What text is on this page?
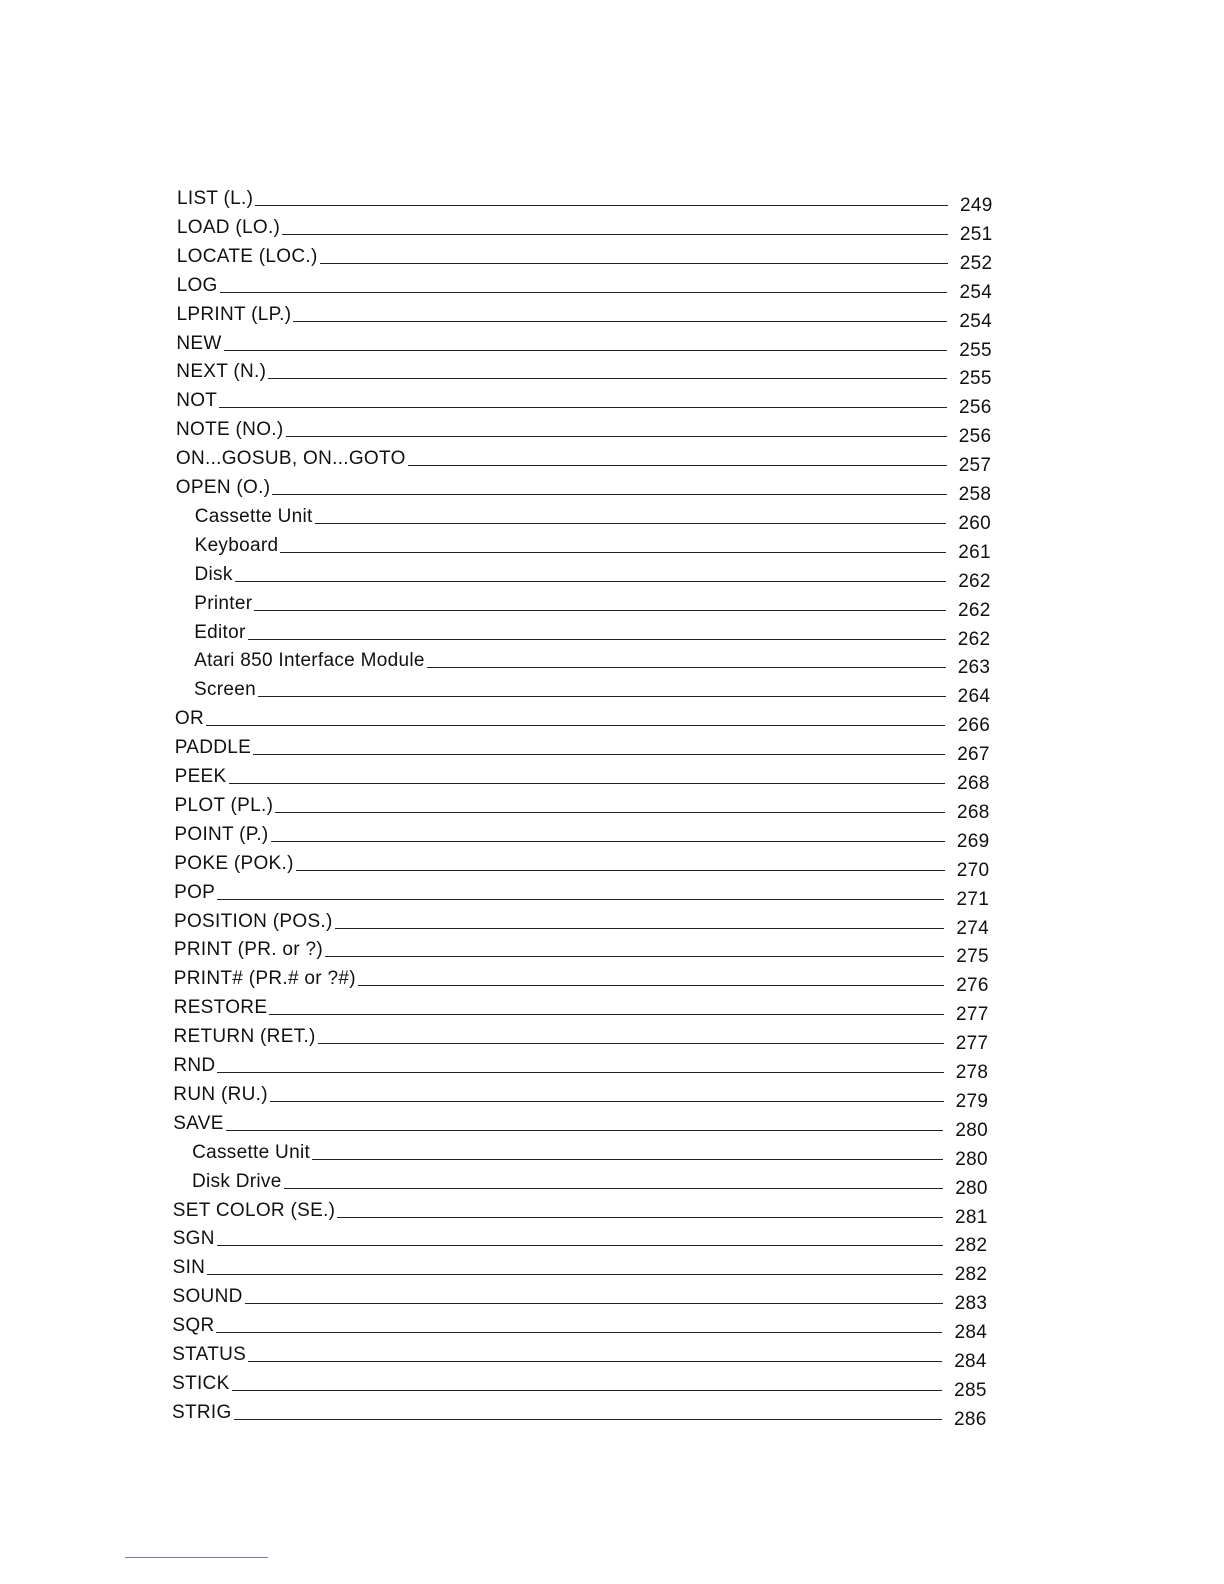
LIST (L.)	249
LOAD (LO.)	251
LOCATE (LOC.)	252
LOG	254
LPRINT (LP.)	254
NEW	255
NEXT (N.)	255
NOT	256
NOTE (NO.)	256
ON...GOSUB, ON...GOTO	257
OPEN (O.)	258
Cassette Unit	260
Keyboard	261
Disk	262
Printer	262
Editor	262
Atari 850 Interface Module	263
Screen	264
OR	266
PADDLE	267
PEEK	268
PLOT (PL.)	268
POINT (P.)	269
POKE (POK.)	270
POP	271
POSITION (POS.)	274
PRINT (PR. or ?)	275
PRINT# (PR.# or ?#)	276
RESTORE	277
RETURN (RET.)	277
RND	278
RUN (RU.)	279
SAVE	280
Cassette Unit	280
Disk Drive	280
SET COLOR (SE.)	281
SGN	282
SIN	282
SOUND	283
SQR	284
STATUS	284
STICK	285
STRIG	286
